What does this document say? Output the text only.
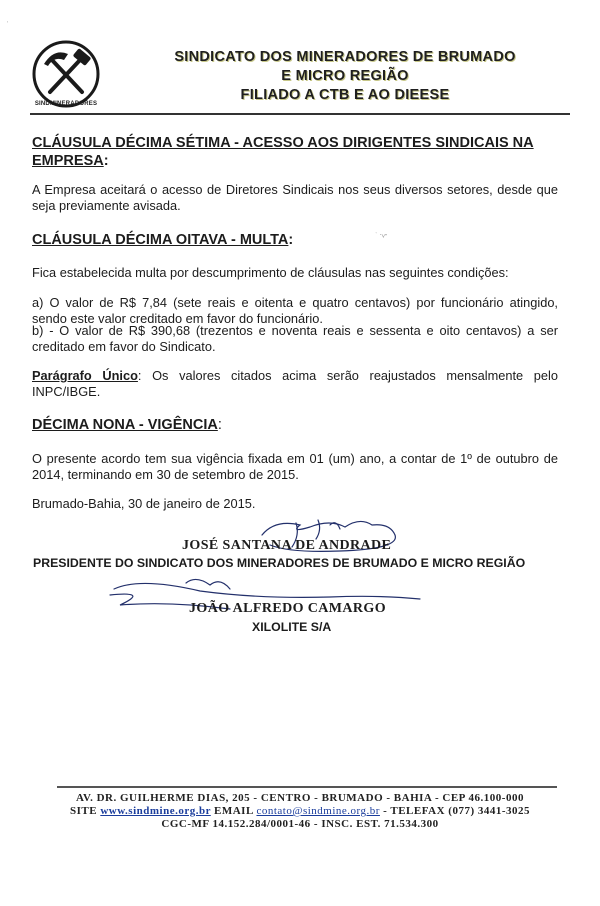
ˈ
SINDMINERADORES
SINDICATO DOS MINERADORES DE BRUMADO
E MICRO REGIÃO
FILIADO A CTB E AO DIEESE
CLÁUSULA DÉCIMA SÉTIMA - ACESSO AOS DIRIGENTES SINDICAIS NA EMPRESA:
A Empresa aceitará o acesso de Diretores Sindicais nos seus diversos setores, desde que seja previamente avisada.
ˑ ·ᵥ-
CLÁUSULA DÉCIMA OITAVA - MULTA:
Fica estabelecida multa por descumprimento de cláusulas nas seguintes condições:
a) O valor de R$ 7,84 (sete reais e oitenta e quatro centavos) por funcionário atingido, sendo este valor creditado em favor do funcionário.
b) - O valor de R$ 390,68 (trezentos e noventa reais e sessenta e oito centavos) a ser creditado em favor do Sindicato.
Parágrafo Único: Os valores citados acima serão reajustados mensalmente pelo INPC/IBGE.
DÉCIMA NONA - VIGÊNCIA:
O presente acordo tem sua vigência fixada em 01 (um) ano, a contar de 1º de outubro de 2014, terminando em 30 de setembro de 2015.
Brumado-Bahia, 30 de janeiro de 2015.
JOSÉ SANTANA DE ANDRADE
PRESIDENTE DO SINDICATO DOS MINERADORES DE BRUMADO E MICRO REGIÃO
JOÃO ALFREDO CAMARGO
XILOLITE S/A
AV. DR. GUILHERME DIAS, 205 - CENTRO - BRUMADO - BAHIA - CEP 46.100-000
SITE www.sindmine.org.br EMAIL contato@sindmine.org.br - TELEFAX (077) 3441-3025
CGC-MF 14.152.284/0001-46 - INSC. EST. 71.534.300
